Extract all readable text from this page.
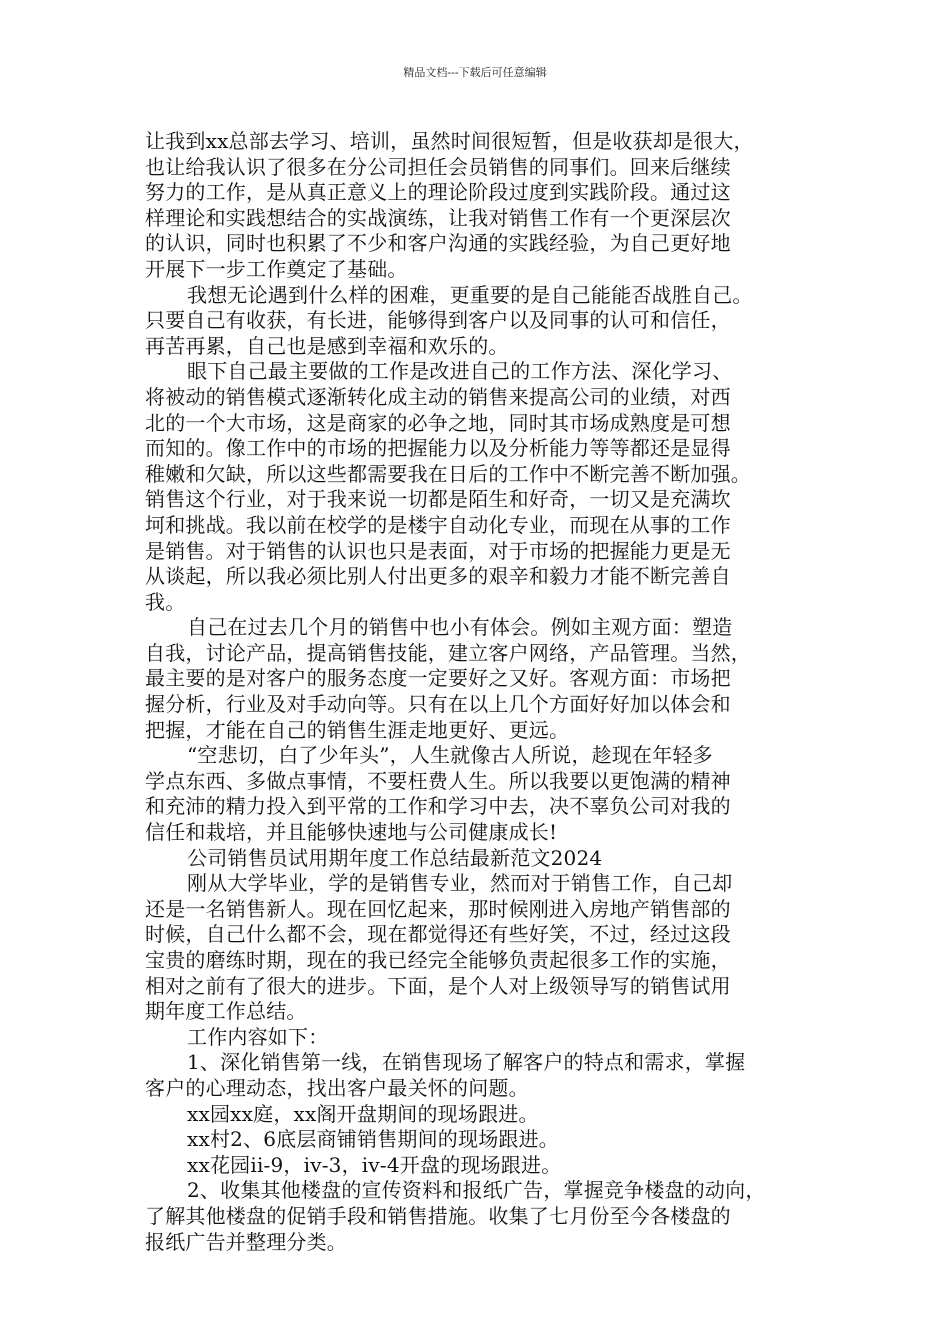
精品文档---下载后可任意编辑
让我到xx总部去学习、培训，虽然时间很短暂，但是收获却是很大，
也让给我认识了很多在分公司担任会员销售的同事们。回来后继续
努力的工作，是从真正意义上的理论阶段过度到实践阶段。通过这
样理论和实践想结合的实战演练，让我对销售工作有一个更深层次
的认识，同时也积累了不少和客户沟通的实践经验，为自己更好地
开展下一步工作奠定了基础。
我想无论遇到什么样的困难，更重要的是自己能能否战胜自己。
只要自己有收获，有长进，能够得到客户以及同事的认可和信任，
再苦再累，自己也是感到幸福和欢乐的。
眼下自己最主要做的工作是改进自己的工作方法、深化学习、
将被动的销售模式逐渐转化成主动的销售来提高公司的业绩，对西
北的一个大市场，这是商家的必争之地，同时其市场成熟度是可想
而知的。像工作中的市场的把握能力以及分析能力等等都还是显得
稚嫩和欠缺，所以这些都需要我在日后的工作中不断完善不断加强。
销售这个行业，对于我来说一切都是陌生和好奇，一切又是充满坎
坷和挑战。我以前在校学的是楼宇自动化专业，而现在从事的工作
是销售。对于销售的认识也只是表面，对于市场的把握能力更是无
从谈起，所以我必须比别人付出更多的艰辛和毅力才能不断完善自
我。
自己在过去几个月的销售中也小有体会。例如主观方面：塑造
自我，讨论产品，提高销售技能，建立客户网络，产品管理。当然，
最主要的是对客户的服务态度一定要好之又好。客观方面：市场把
握分析，行业及对手动向等。只有在以上几个方面好好加以体会和
把握，才能在自己的销售生涯走地更好、更远。
“空悲切，白了少年头”，人生就像古人所说，趁现在年轻多
学点东西、多做点事情，不要枉费人生。所以我要以更饱满的精神
和充沛的精力投入到平常的工作和学习中去，决不辜负公司对我的
信任和栽培，并且能够快速地与公司健康成长!
公司销售员试用期年度工作总结最新范文2024
刚从大学毕业，学的是销售专业，然而对于销售工作，自己却
还是一名销售新人。现在回忆起来，那时候刚进入房地产销售部的
时候，自己什么都不会，现在都觉得还有些好笑，不过，经过这段
宝贵的磨练时期，现在的我已经完全能够负责起很多工作的实施，
相对之前有了很大的进步。下面，是个人对上级领导写的销售试用
期年度工作总结。
工作内容如下：
1、深化销售第一线，在销售现场了解客户的特点和需求，掌握
客户的心理动态，找出客户最关怀的问题。
xx园xx庭，xx阁开盘期间的现场跟进。
xx村2、6底层商铺销售期间的现场跟进。
xx花园ii-9，iv-3，iv-4开盘的现场跟进。
2、收集其他楼盘的宣传资料和报纸广告，掌握竞争楼盘的动向，
了解其他楼盘的促销手段和销售措施。收集了七月份至今各楼盘的
报纸广告并整理分类。
